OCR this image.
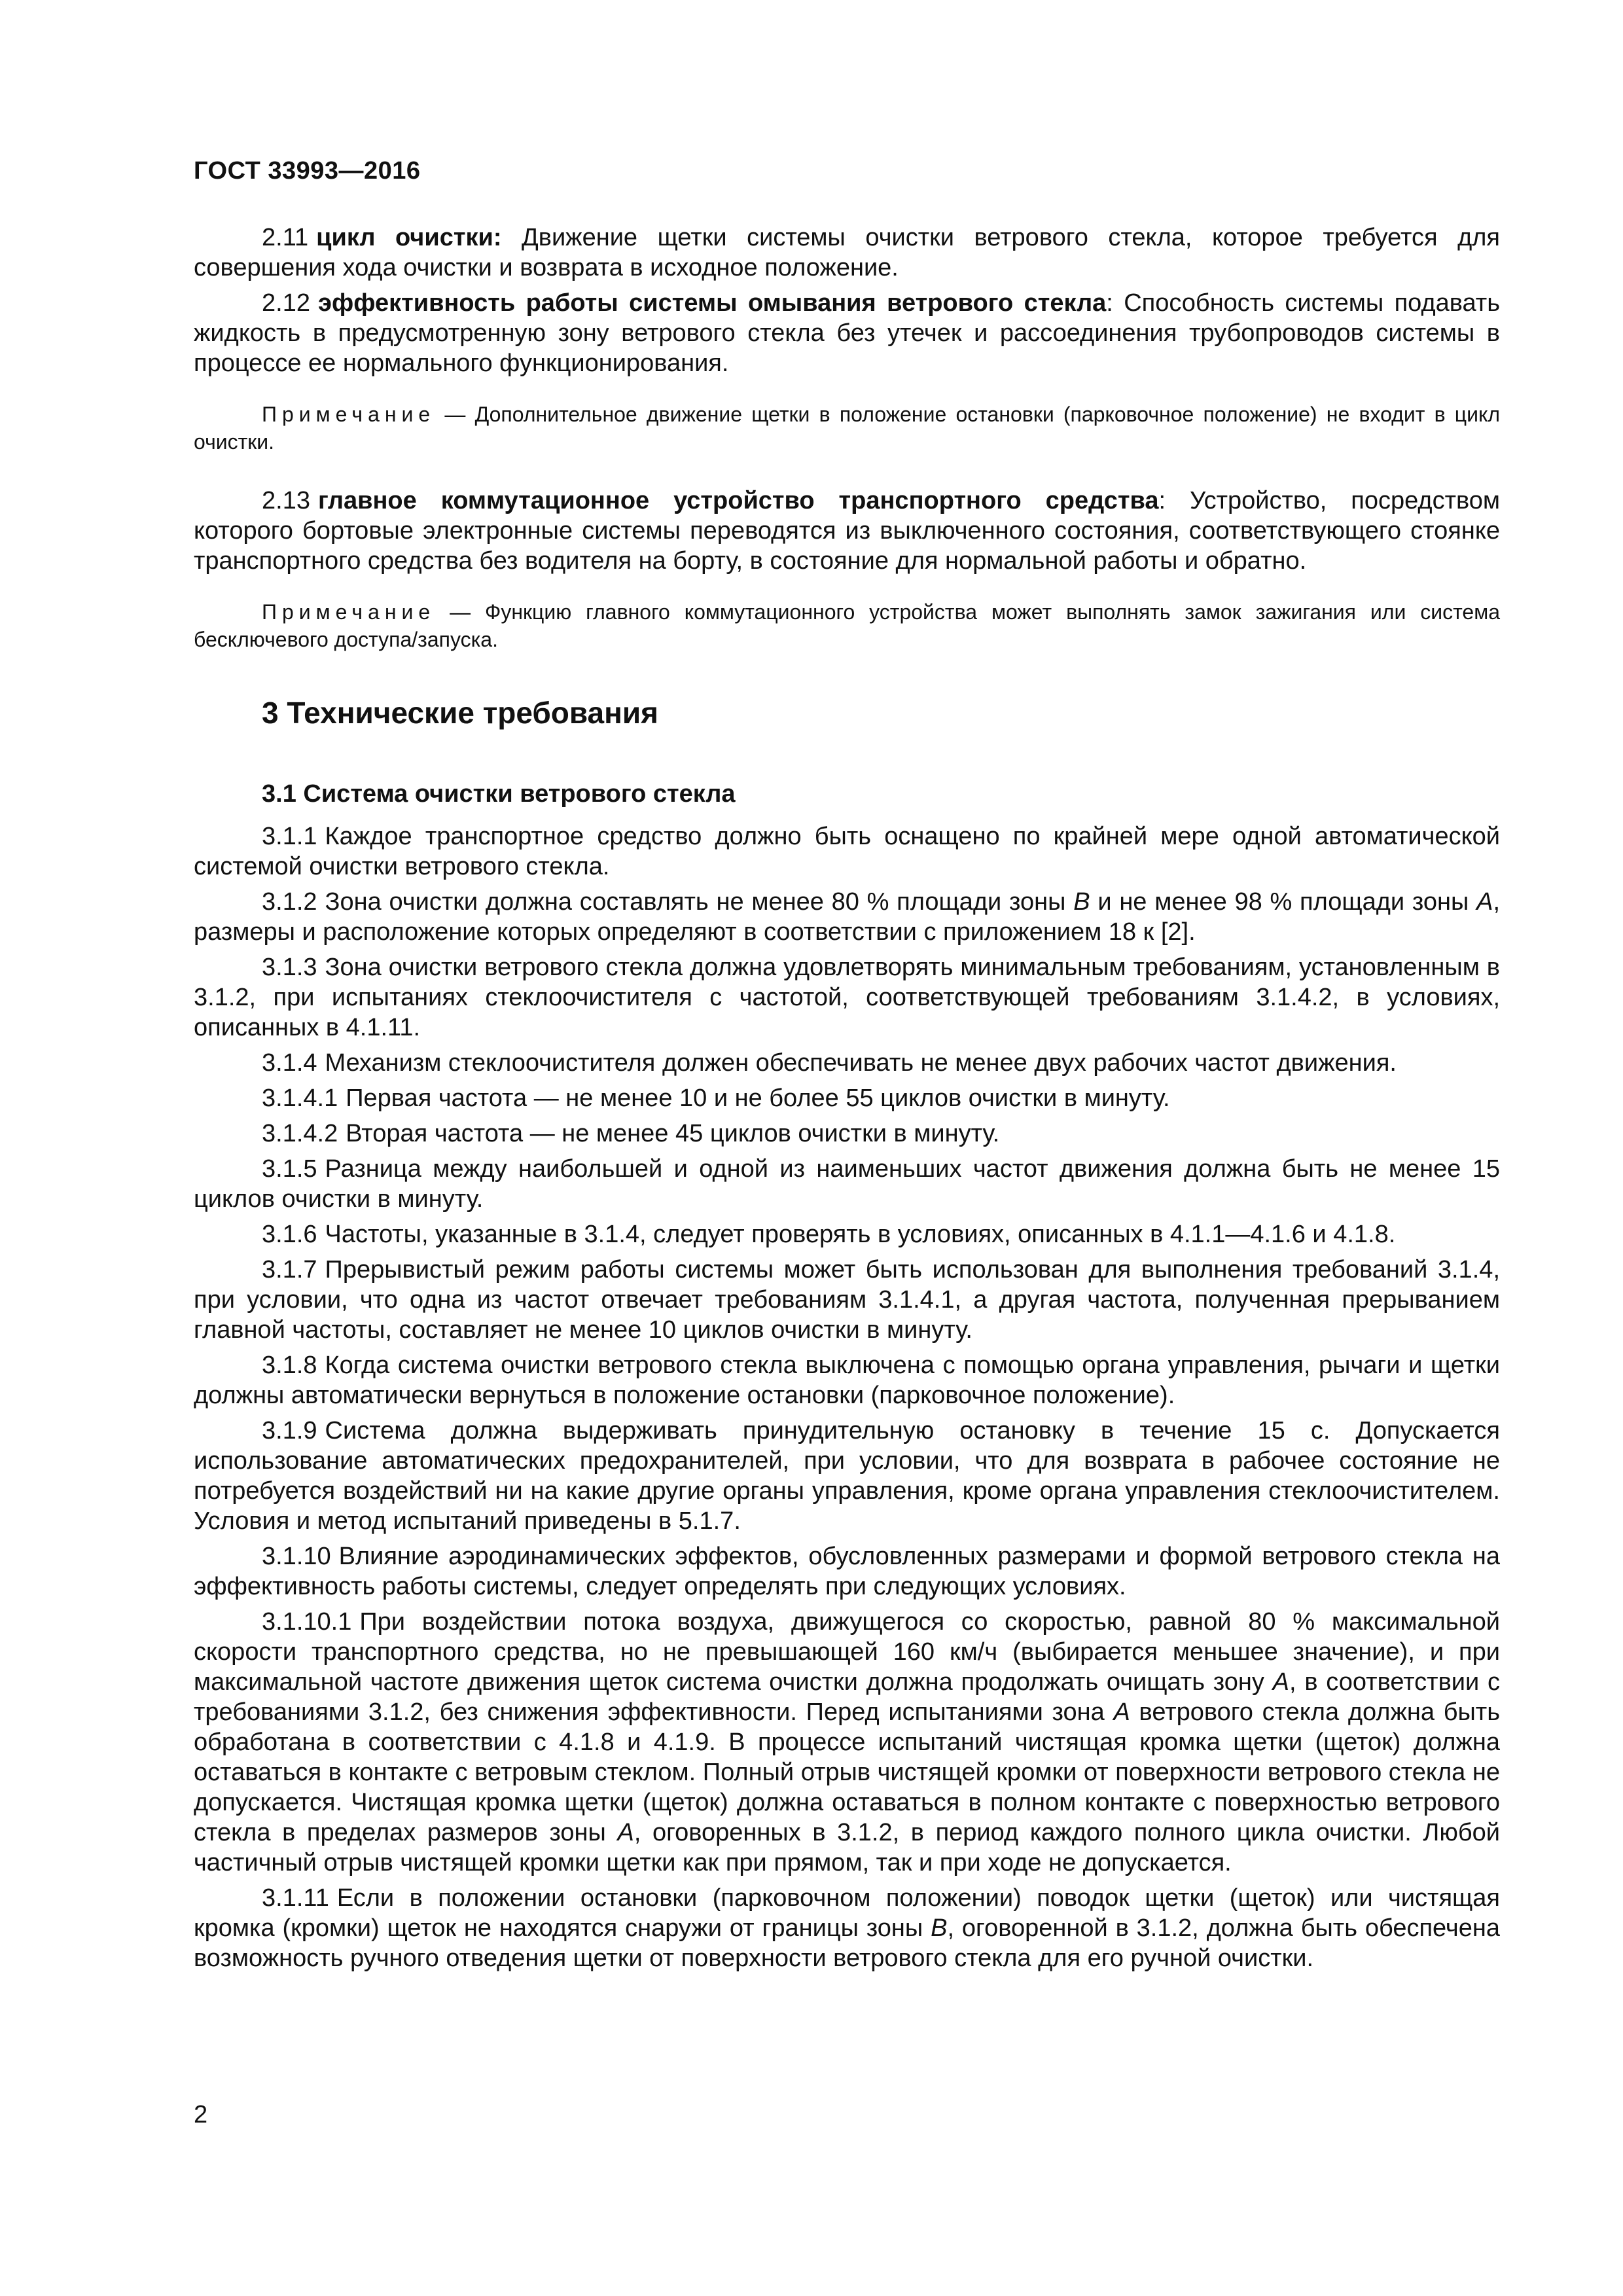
ГОСТ 33993—2016

2.11 цикл очистки: Движение щетки системы очистки ветрового стекла, которое требуется для совершения хода очистки и возврата в исходное положение.

2.12 эффективность работы системы омывания ветрового стекла: Способность системы подавать жидкость в предусмотренную зону ветрового стекла без утечек и рассоединения трубопроводов системы в процессе ее нормального функционирования.

Примечание — Дополнительное движение щетки в положение остановки (парковочное положение) не входит в цикл очистки.

2.13 главное коммутационное устройство транспортного средства: Устройство, посредством которого бортовые электронные системы переводятся из выключенного состояния, соответствующего стоянке транспортного средства без водителя на борту, в состояние для нормальной работы и обратно.

Примечание — Функцию главного коммутационного устройства может выполнять замок зажигания или система бесключевого доступа/запуска.

3 Технические требования
3.1 Система очистки ветрового стекла

3.1.1 Каждое транспортное средство должно быть оснащено по крайней мере одной автоматической системой очистки ветрового стекла.

3.1.2 Зона очистки должна составлять не менее 80 % площади зоны B и не менее 98 % площади зоны A, размеры и расположение которых определяют в соответствии с приложением 18 к [2].

3.1.3 Зона очистки ветрового стекла должна удовлетворять минимальным требованиям, установленным в 3.1.2, при испытаниях стеклоочистителя с частотой, соответствующей требованиям 3.1.4.2, в условиях, описанных в 4.1.11.

3.1.4 Механизм стеклоочистителя должен обеспечивать не менее двух рабочих частот движения.

3.1.4.1 Первая частота — не менее 10 и не более 55 циклов очистки в минуту.

3.1.4.2 Вторая частота — не менее 45 циклов очистки в минуту.

3.1.5 Разница между наибольшей и одной из наименьших частот движения должна быть не менее 15 циклов очистки в минуту.

3.1.6 Частоты, указанные в 3.1.4, следует проверять в условиях, описанных в 4.1.1—4.1.6 и 4.1.8.

3.1.7 Прерывистый режим работы системы может быть использован для выполнения требований 3.1.4, при условии, что одна из частот отвечает требованиям 3.1.4.1, а другая частота, полученная прерыванием главной частоты, составляет не менее 10 циклов очистки в минуту.

3.1.8 Когда система очистки ветрового стекла выключена с помощью органа управления, рычаги и щетки должны автоматически вернуться в положение остановки (парковочное положение).

3.1.9 Система должна выдерживать принудительную остановку в течение 15 с. Допускается использование автоматических предохранителей, при условии, что для возврата в рабочее состояние не потребуется воздействий ни на какие другие органы управления, кроме органа управления стеклоочистителем. Условия и метод испытаний приведены в 5.1.7.

3.1.10 Влияние аэродинамических эффектов, обусловленных размерами и формой ветрового стекла на эффективность работы системы, следует определять при следующих условиях.

3.1.10.1 При воздействии потока воздуха, движущегося со скоростью, равной 80 % максимальной скорости транспортного средства, но не превышающей 160 км/ч (выбирается меньшее значение), и при максимальной частоте движения щеток система очистки должна продолжать очищать зону A, в соответствии с требованиями 3.1.2, без снижения эффективности. Перед испытаниями зона A ветрового стекла должна быть обработана в соответствии с 4.1.8 и 4.1.9. В процессе испытаний чистящая кромка щетки (щеток) должна оставаться в контакте с ветровым стеклом. Полный отрыв чистящей кромки от поверхности ветрового стекла не допускается. Чистящая кромка щетки (щеток) должна оставаться в полном контакте с поверхностью ветрового стекла в пределах размеров зоны A, оговоренных в 3.1.2, в период каждого полного цикла очистки. Любой частичный отрыв чистящей кромки щетки как при прямом, так и при ходе не допускается.

3.1.11 Если в положении остановки (парковочном положении) поводок щетки (щеток) или чистящая кромка (кромки) щеток не находятся снаружи от границы зоны B, оговоренной в 3.1.2, должна быть обеспечена возможность ручного отведения щетки от поверхности ветрового стекла для его ручной очистки.

2
